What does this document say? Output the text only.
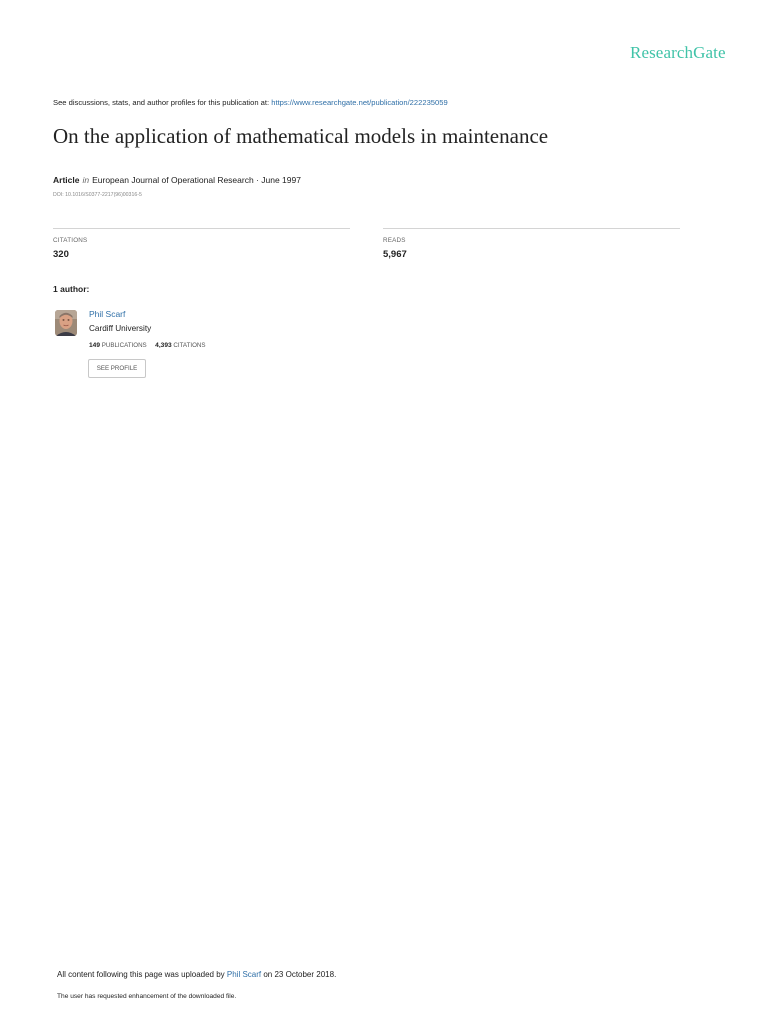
ResearchGate
See discussions, stats, and author profiles for this publication at: https://www.researchgate.net/publication/222235059
On the application of mathematical models in maintenance
Article in European Journal of Operational Research · June 1997
DOI: 10.1016/S0377-2217(96)00316-5
CITATIONS
320
READS
5,967
1 author:
Phil Scarf
Cardiff University
149 PUBLICATIONS 4,393 CITATIONS
SEE PROFILE
All content following this page was uploaded by Phil Scarf on 23 October 2018.
The user has requested enhancement of the downloaded file.
